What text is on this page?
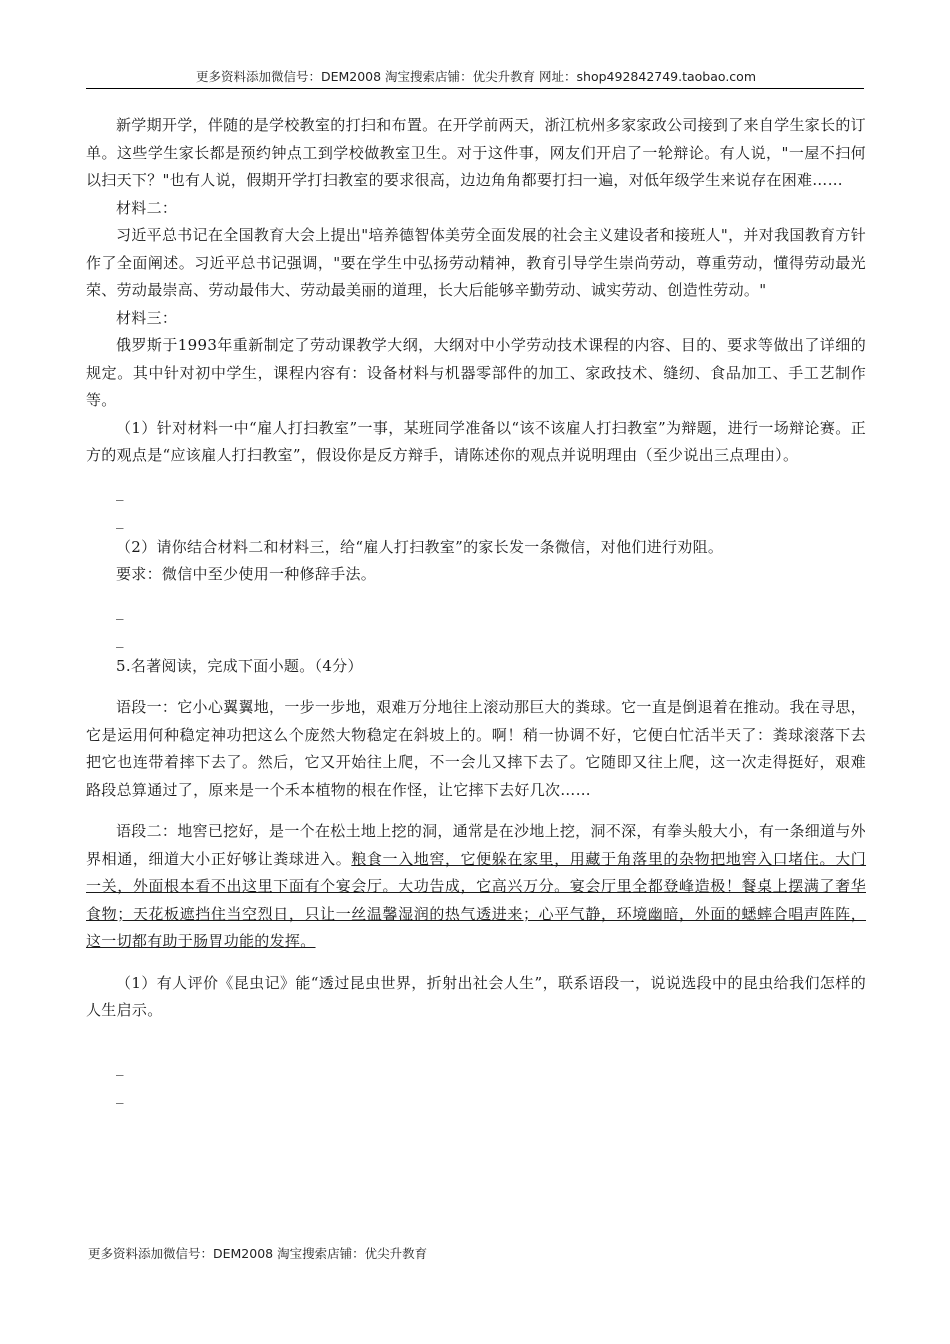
更多资料添加微信号：DEM2008 淘宝搜索店铺：优尖升教育 网址：shop492842749.taobao.com

新学期开学，伴随的是学校教室的打扫和布置。在开学前两天，浙江杭州多家家政公司接到了来自学生家长的订单。这些学生家长都是预约钟点工到学校做教室卫生。对于这件事，网友们开启了一轮辩论。有人说，"一屋不扫何以扫天下？"也有人说，假期开学打扫教室的要求很高，边边角角都要打扫一遍，对低年级学生来说存在困难……

材料二：

习近平总书记在全国教育大会上提出"培养德智体美劳全面发展的社会主义建设者和接班人"，并对我国教育方针作了全面阐述。习近平总书记强调，"要在学生中弘扬劳动精神，教育引导学生崇尚劳动，尊重劳动，懂得劳动最光荣、劳动最崇高、劳动最伟大、劳动最美丽的道理，长大后能够辛勤劳动、诚实劳动、创造性劳动。"

材料三：

俄罗斯于1993年重新制定了劳动课教学大纲，大纲对中小学劳动技术课程的内容、目的、要求等做出了详细的规定。其中针对初中学生，课程内容有：设备材料与机器零部件的加工、家政技术、缝纫、食品加工、手工艺制作等。

（1）针对材料一中“雇人打扫教室”一事，某班同学准备以“该不该雇人打扫教室”为辩题，进行一场辩论赛。正方的观点是“应该雇人打扫教室”，假设你是反方辩手，请陈述你的观点并说明理由（至少说出三点理由）。

_
_

（2）请你结合材料二和材料三，给“雇人打扫教室”的家长发一条微信，对他们进行劝阻。

要求：微信中至少使用一种修辞手法。

_
_

5.名著阅读，完成下面小题。（4分）

语段一：它小心翼翼地，一步一步地，艰难万分地往上滚动那巨大的粪球。它一直是倒退着在推动。我在寻思，它是运用何种稳定神功把这么个庞然大物稳定在斜坡上的。啊！稍一协调不好，它便白忙活半天了：粪球滚落下去把它也连带着摔下去了。然后，它又开始往上爬，不一会儿又摔下去了。它随即又往上爬，这一次走得挺好，艰难路段总算通过了，原来是一个禾本植物的根在作怪，让它摔下去好几次……

语段二：地窖已挖好，是一个在松土地上挖的洞，通常是在沙地上挖，洞不深，有拳头般大小，有一条细道与外界相通，细道大小正好够让粪球进入。粮食一入地窖，它便躲在家里，用藏于角落里的杂物把地窖入口堵住。大门一关，外面根本看不出这里下面有个宴会厅。大功告成，它高兴万分。宴会厅里全都登峰造极！餐桌上摆满了奢华食物；天花板遮挡住当空烈日，只让一丝温馨湿润的热气透进来；心平气静，环境幽暗，外面的蟋蟀合唱声阵阵，这一切都有助于肠胃功能的发挥。

（1）有人评价《昆虫记》能“透过昆虫世界，折射出社会人生”，联系语段一，说说选段中的昆虫给我们怎样的人生启示。

_
_
更多资料添加微信号：DEM2008 淘宝搜索店铺：优尖升教育
